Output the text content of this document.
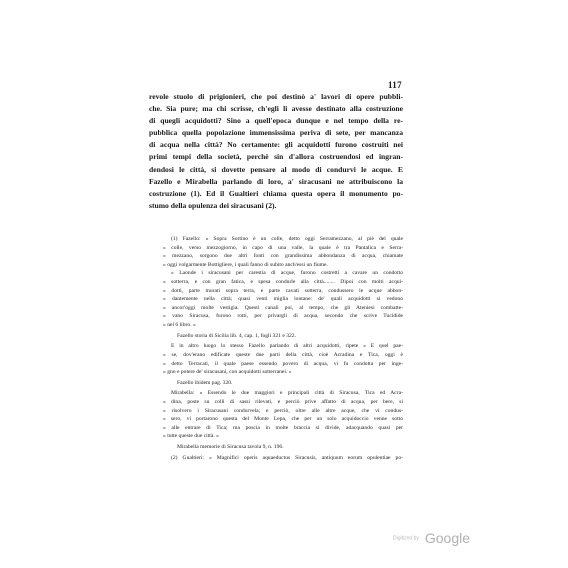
117
revole stuolo di prigionieri, che poi destinò a' lavori di opere pubbli-
che. Sia pure; ma chi scrisse, ch'egli li avesse destinato alla costruzione
di quegli acquidotti? Sino a quell'epoca dunque e nel tempo della re-
pubblica quella popolazione immensissima periva di sete, per mancanza
di acqua nella città? No certamente: gli acquidotti furono costruiti nei
primi tempi della società, perchè sin d'allora costruendosi ed ingran-
dendosi le città, si dovette pensare al modo di condurvi le acque. E
Fazello e Mirabella parlando di loro, a' siracusani ne attribuiscono la
costruzione (1). Ed il Gualtieri chiama questa opera il monumento po-
stumo della opulenza dei siracusani (2).
(1) Fazello: « Sopra Sortino è un colle, detto oggi Serramezzano, al piè del quale
» colle, verso mezzogiorno, in capo di una valle, la quale è tra Pantalica e Serra-
» mezzano, sorgono due altri fonti con grandissima abbondanza di acqua, chiamate
» oggi volgarmente Bottigliere, i quali fanno di subito anch'essi un fiume.
» Laonde i siracusani per carestia di acque, furono costretti a cavare un condotto
» sotterra, e con gran fatica, e spesa condurle alla città........ Dipoi con molti acqui-
» dotti, parte murati sopra terra, e parte cavati sotterra, condussero le acque abbon-
» dantemente nella città; quasi venti miglia lontane: de' quali acquidotti si vedono
» ancor'oggi molte vestigia. Questi canali poi, al tempo, che gli Ateniesi combatte-
» vano Siracusa, furono rotti, per privargli di acqua, secondo che scrive Tucidide
» nel 6 libro. »
Fazello storia di Sicilia lib. 4, cap. 1, fogli 321 e 322.
E in altro luogo lo stesso Fazello parlando di altri acquidotti, ripete « E quel pae-
» se, dov'erano edificate queste due parti della città, cioè Acradina e Tica, oggi è
» detto Terracati, il quale paese essendo povero di acqua, vi fu condotta per inge-
» gno e potere de' siracusani, con acquidotti sotterranei. »
Fazello ibidem pag. 320.
Mirabella: « Essendo le due maggiori e principali città di Siracusa, Tica ed Acra-
» dina, poste su colli di sassi rilevati, e perciò prive affatto di acqua, per bere, si
» risolvero i Siracusani condurvela; e perciò, oltre alle altre acque, che vi condus-
» sero, vi portarono questa del Monte Lepa, che per un solo acquidoccio venne sotto
» alle entrare di Tica; ma poscia in molte braccia si divide, adacquando quasi per
» tutte queste due città. »
Mirabella memorie di Siracusa tavola 9, n. 196.
(2) Gualtieri: « Magnifici operis aquaeductus Siracusis, antiquum eorum opulentiae po-
Digitized by Google
